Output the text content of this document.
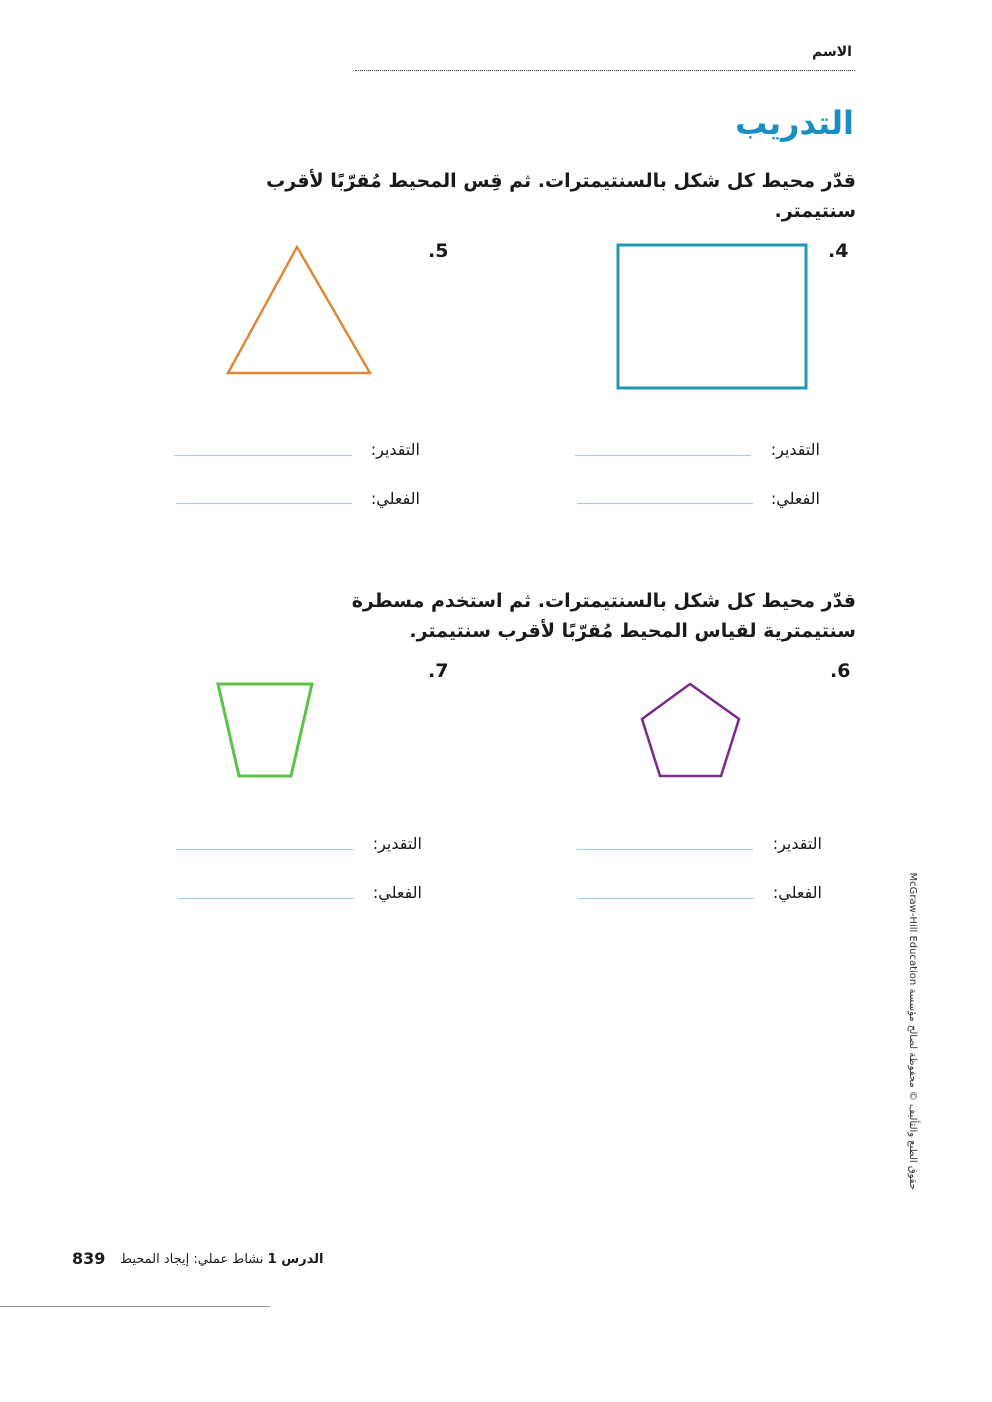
الاسم
التدريب
قدّر محيط كل شكل بالسنتيمترات. ثم قِس المحيط مُقرّبًا لأقرب سنتيمتر.
.4
.5
التقدير:
الفعلي:
التقدير:
الفعلي:
قدّر محيط كل شكل بالسنتيمترات. ثم استخدم مسطرة سنتيمترية لقياس المحيط مُقرّبًا لأقرب سنتيمتر.
.6
.7
التقدير:
الفعلي:
التقدير:
الفعلي:	حقوق الطبع والتأليف © محفوظة لصالح مؤسسة McGraw-Hill Education
الدرس 1 نشاط عملي: إيجاد المحيط
839
